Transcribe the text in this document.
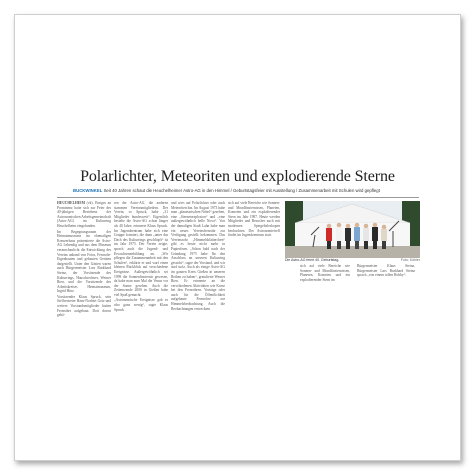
Polarlichter, Meteoriten und explodierende Sterne
BUCKWINKEL Seit 40 Jahren schaut die Heuchelheimer Astro-AG in den Himmel / Geburtstagsfeier mit Ausstellung / Zusammenarbeit mit Schulen wird gepflegt

HEUCHELHEIM (vk). Einiges an Prominenz hatte sich zur Feier des 40-jährigen Bestehens der Astronomischen Arbeitsgemeinschaft (Astro-AG) im Kulturring Heuchelheim eingefunden.

Im Begegnungsraum der Heimatmuseums im ehemaligen Kreuzerhaus präsentierte die Astro-AG Lebendig und aus dem Museum veranschaulicht die Entwicklung des Vereins anhand von Fotos, Fernrohr-Eigenbauten und gebauten Geräten dargestellt. Unter den Gästen waren auch Bürgermeister Lars Burkhard Steinz, der Vorsitzende des Kulturrings, Hauschrechner, Werner Rien, und die Vorsitzende des Arbeitskreises Heimatmuseum, Ingrid Hinz.

Vorsitzender Klaus Spruck, sein Stellvertreter Hans-Norbert Gotz und weitere Vorstandsmitglieder hatten Fernrohre aufgebaut. Dort davon gehö-

ren der Astro-AG, die anderen stammen Vereinsmitgliedern. Der Verein, so Spruck, habe „31 Mitglieder bundesweit“. Eigentlich bestehe die Astro-AG schon länger als 40 Jahre, erinnerte Klaus Spruck. Im Jugendzentrum habe sich eine Gruppe formiert, die dann „unter das Dach des Kulturrings geschlüpft“ ist im Jahr 1975. Der Verein zeigte, sprach auch die Jugend- und Erwachsenenbildung an. „Wir pflegen die Zusammenarbeit mit den Schulen“, erklärte er und warf einen kleinen Rückblick auf verschiedene Ereignisse. Außergewöhnlich sei 1999 die Sonnenfinsternis gewesen, da habe man zum Mal die Venus vor der Sonne gesehen. Auch die Zeitenwende 2000 in Gießen habe viel Spaß gemacht.

„Astronomische Ereignisse gab es also ganz wenig“, sagte Klaus Spruck

und wies auf Polarlichter oder auch Meteoriten hin. Im August 1973 habe man „planetarischen Nebel“ gesehen, eine „Sternenexplosion“ und „eine außergewöhnlich helle Nova“. Von der damaligen Stadt Lahn habe man ein neues Vereinsfernrohr zur Verfügung gestellt bekommen. Das Vereinsrohr „Himmelsblätterchen“ gibt es heute nicht mehr in Papierform. „Schon bald nach der Gründung 1975 habe Ihr den Anschluss an unseren Kulturring gesucht“, sagte der Vorstand, und wir sind stolz. Auch als einige Astro-AG im ganzen Kreis Gießen in unseren Reihen zu haben“, gratulierte Werner Rien. Er erinnerte an die verschiedenen Aktivitäten wie Kurse bei den Fernrohren. Vorträge oder auch für die Öffentlichkeit aufgebaute Fernrohre zur Himmelsbeobachtung. Auch die Beobachtungen erstreckten

sich auf viele Bereiche wie Sonnen- und Mondfinsternissen, Planeten, Kometen und ein explodierender Stern im Jahr 1987. Heute werden Mitglieder und Besucher auch mit modernen Spiegelteleskopen beobachten. Der Astronomietreff findet im Jugendzentrum statt.

Die Astro-AG feiert 40. Geburtstag.	Foto: Köhler

sich auf viele Bereiche wie Sonnen- und Mondfinsternissen, Planeten, Kometen und ein explodierender Stern im

Bürgermeister Klaus Steinz, Bürgermeister Lars Burkhard Steinz sprach „von einem tollen Hobby“.
